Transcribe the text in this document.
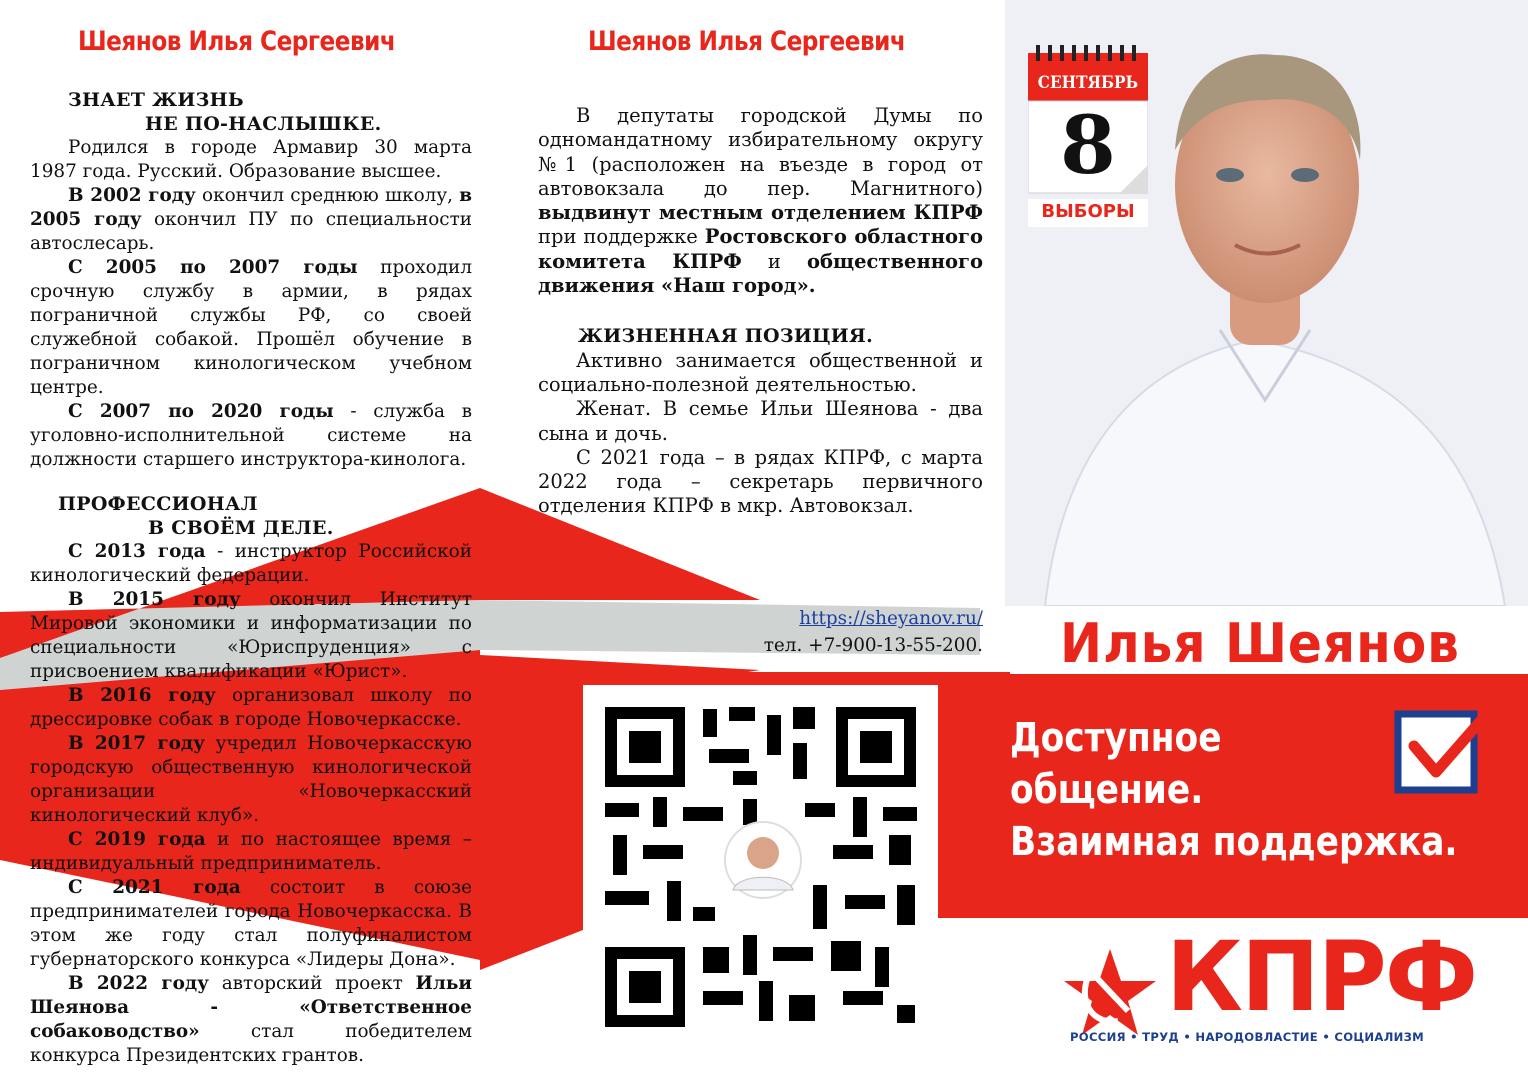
Шеянов Илья Сергеевич

ЗНАЕТ ЖИЗНЬ

НЕ ПО-НАСЛЫШКЕ.

Родился в городе Армавир 30 марта 1987 года. Русский. Образование высшее.

В 2002 году окончил среднюю школу, в 2005 году окончил ПУ по специальности автослесарь.

С 2005 по 2007 годы проходил срочную службу в армии, в рядах пограничной службы РФ, со своей служебной собакой. Прошёл обучение в пограничном кинологическом учебном центре.

С 2007 по 2020 годы - служба в уголовно-исполнительной системе на должности старшего инструктора-кинолога.

ПРОФЕССИОНАЛ

В СВОЁМ ДЕЛЕ.

С 2013 года - инструктор Российской кинологический федерации.

В 2015 году окончил Институт Мировой экономики и информатизации по специальности «Юриспруденция» с присвоением квалификации «Юрист».

В 2016 году организовал школу по дрессировке собак в городе Новочеркасске.

В 2017 году учредил Новочеркасскую городскую общественную кинологической организации «Новочеркасский кинологический клуб».

С 2019 года и по настоящее время – индивидуальный предприниматель.

С 2021 года состоит в союзе предпринимателей города Новочеркасска. В этом же году стал полуфиналистом губернаторского конкурса «Лидеры Дона».

В 2022 году авторский проект Ильи Шеянова - «Ответственное собаководство» стал победителем конкурса Президентских грантов.

Шеянов Илья Сергеевич

В депутаты городской Думы по одномандатному избирательному округу №1 (расположен на въезде в город от автовокзала до пер. Магнитного) выдвинут местным отделением КПРФ при поддержке Ростовского областного комитета КПРФ и общественного движения «Наш город».

ЖИЗНЕННАЯ ПОЗИЦИЯ.

Активно занимается общественной и социально-полезной деятельностью.

Женат. В семье Ильи Шеянова - два сына и дочь.

С 2021 года – в рядах КПРФ, с марта 2022 года – секретарь первичного отделения КПРФ в мкр. Автовокзал.

https://sheyanov.ru/
тел. +7-900-13-55-200.
СЕНТЯБРЬ
8
ВЫБОРЫ
Илья Шеянов
Доступное
общение.
Взаимная поддержка.
КПРФ
РОССИЯ • ТРУД • НАРОДОВЛАСТИЕ • СОЦИАЛИЗМ
